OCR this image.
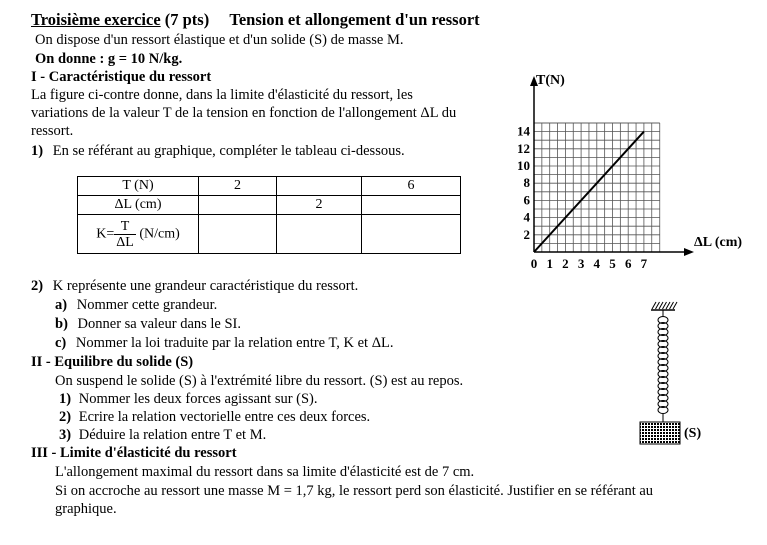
Troisième exercice (7 pts) Tension et allongement d'un ressort
On dispose d'un ressort élastique et d'un solide (S) de masse M.
On donne : g = 10 N/kg.
I - Caractéristique du ressort
La figure ci-contre donne, dans la limite d'élasticité du ressort, les
variations de la valeur T de la tension en fonction de l'allongement ΔL du
ressort.
1) En se référant au graphique, compléter le tableau ci-dessous.
T (N)	2		6
ΔL (cm)		2	
$K= \frac{T}{\Delta L} (N/cm)$			
2) K représente une grandeur caractéristique du ressort.
a) Nommer cette grandeur.
b) Donner sa valeur dans le SI.
c) Nommer la loi traduite par la relation entre T, K et ΔL.
II - Equilibre du solide (S)
On suspend le solide (S) à l'extrémité libre du ressort. (S) est au repos.
1) Nommer les deux forces agissant sur (S).
2) Ecrire la relation vectorielle entre ces deux forces.
3) Déduire la relation entre T et M.
III - Limite d'élasticité du ressort
L'allongement maximal du ressort dans sa limite d'élasticité est de 7 cm.
Si on accroche au ressort une masse M = 1,7 kg, le ressort perd son élasticité. Justifier en se référant au
graphique.
0 1 2 3 4 5 6 7
2
4
6
8
10
12
14
T(N)
ΔL (cm)
(S)
